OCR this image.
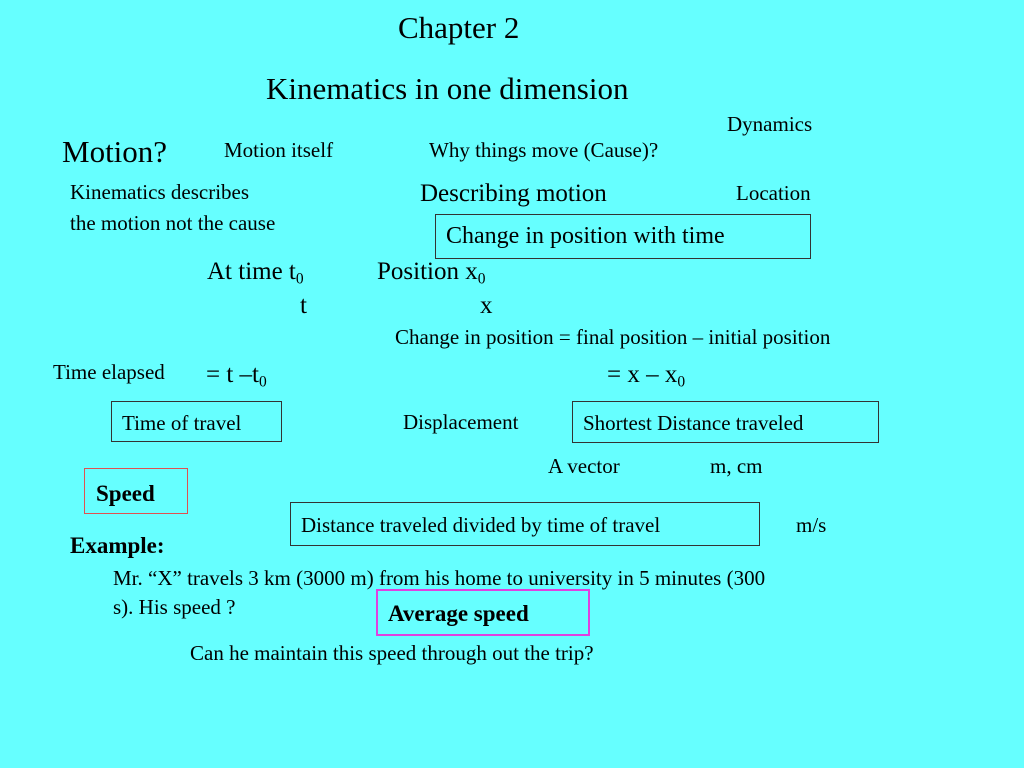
Chapter 2
Kinematics in one dimension
Dynamics
Motion?	Motion itself	Why things move (Cause)?
Kinematics describes
the motion not the cause
Describing motion	Location
Change in position with time
At time $t_0$	Position $x_0$
t	x
Change in position = final position – initial position
Time elapsed = t $-t_0$	= x – $x_0$
Time of travel	Displacement	Shortest Distance traveled
A vector	m, cm
Speed
Distance traveled divided by time of travel	m/s
Example:
Mr. “X” travels 3 km (3000 m) from his home to university in 5 minutes (300
s). His speed ?	Average speed
Can he maintain this speed through out the trip?
